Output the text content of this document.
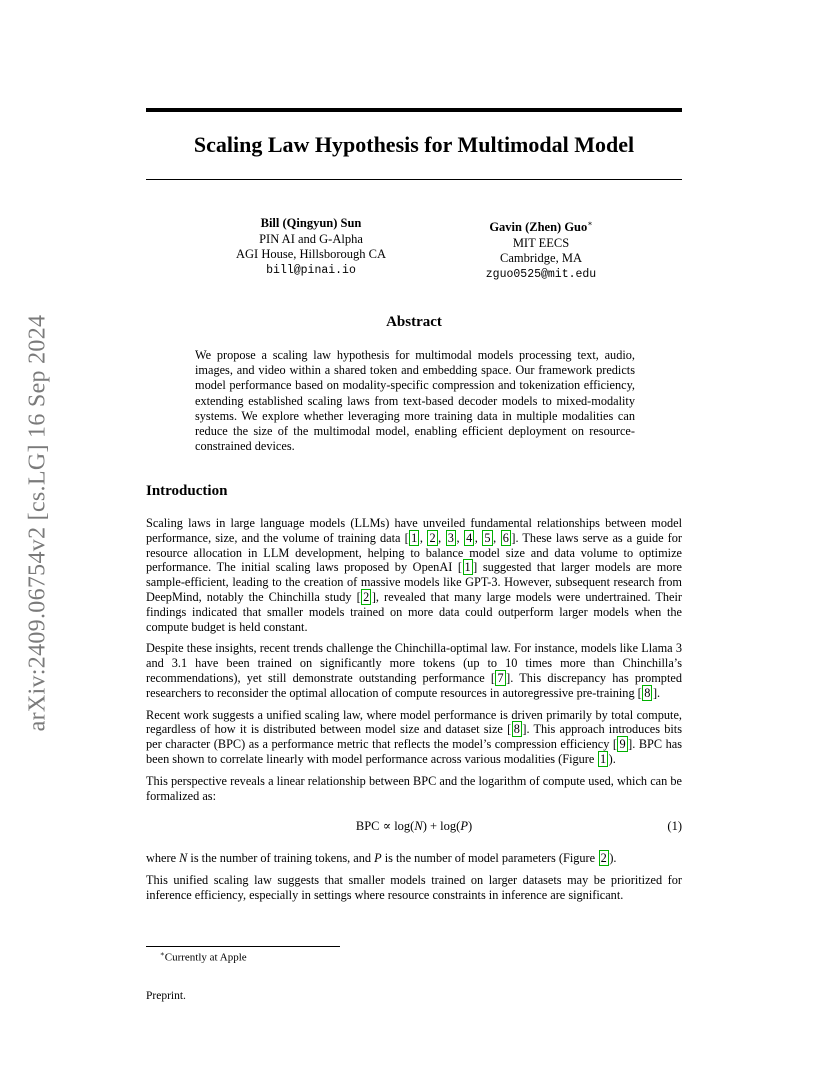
arXiv:2409.06754v2 [cs.LG] 16 Sep 2024
Scaling Law Hypothesis for Multimodal Model
Bill (Qingyun) Sun
PIN AI and G-Alpha
AGI House, Hillsborough CA
bill@pinai.io
Gavin (Zhen) Guo∗
MIT EECS
Cambridge, MA
zguo0525@mit.edu
Abstract
We propose a scaling law hypothesis for multimodal models processing text, audio, images, and video within a shared token and embedding space. Our framework predicts model performance based on modality-specific compression and tokenization efficiency, extending established scaling laws from text-based decoder models to mixed-modality systems. We explore whether leveraging more training data in multiple modalities can reduce the size of the multimodal model, enabling efficient deployment on resource-constrained devices.
Introduction

Scaling laws in large language models (LLMs) have unveiled fundamental relationships between model performance, size, and the volume of training data [ 1 , 2 , 3 , 4 , 5 , 6 ]. These laws serve as a guide for resource allocation in LLM development, helping to balance model size and data volume to optimize performance. The initial scaling laws proposed by OpenAI [ 1 ] suggested that larger models are more sample-efficient, leading to the creation of massive models like GPT-3. However, subsequent research from DeepMind, notably the Chinchilla study [ 2 ], revealed that many large models were undertrained. Their findings indicated that smaller models trained on more data could outperform larger models when the compute budget is held constant.

Despite these insights, recent trends challenge the Chinchilla-optimal law. For instance, models like Llama 3 and 3.1 have been trained on significantly more tokens (up to 10 times more than Chinchilla’s recommendations), yet still demonstrate outstanding performance [ 7 ]. This discrepancy has prompted researchers to reconsider the optimal allocation of compute resources in autoregressive pre-training [ 8 ].

Recent work suggests a unified scaling law, where model performance is driven primarily by total compute, regardless of how it is distributed between model size and dataset size [ 8 ]. This approach introduces bits per character (BPC) as a performance metric that reflects the model’s compression efficiency [ 9 ]. BPC has been shown to correlate linearly with model performance across various modalities (Figure 1 ).

This perspective reveals a linear relationship between BPC and the logarithm of compute used, which can be formalized as:

BPC ∝ log(N) + log(P)	(1)

where N is the number of training tokens, and P is the number of model parameters (Figure 2 ).

This unified scaling law suggests that smaller models trained on larger datasets may be prioritized for inference efficiency, especially in settings where resource constraints in inference are significant.

∗Currently at Apple
Preprint.
